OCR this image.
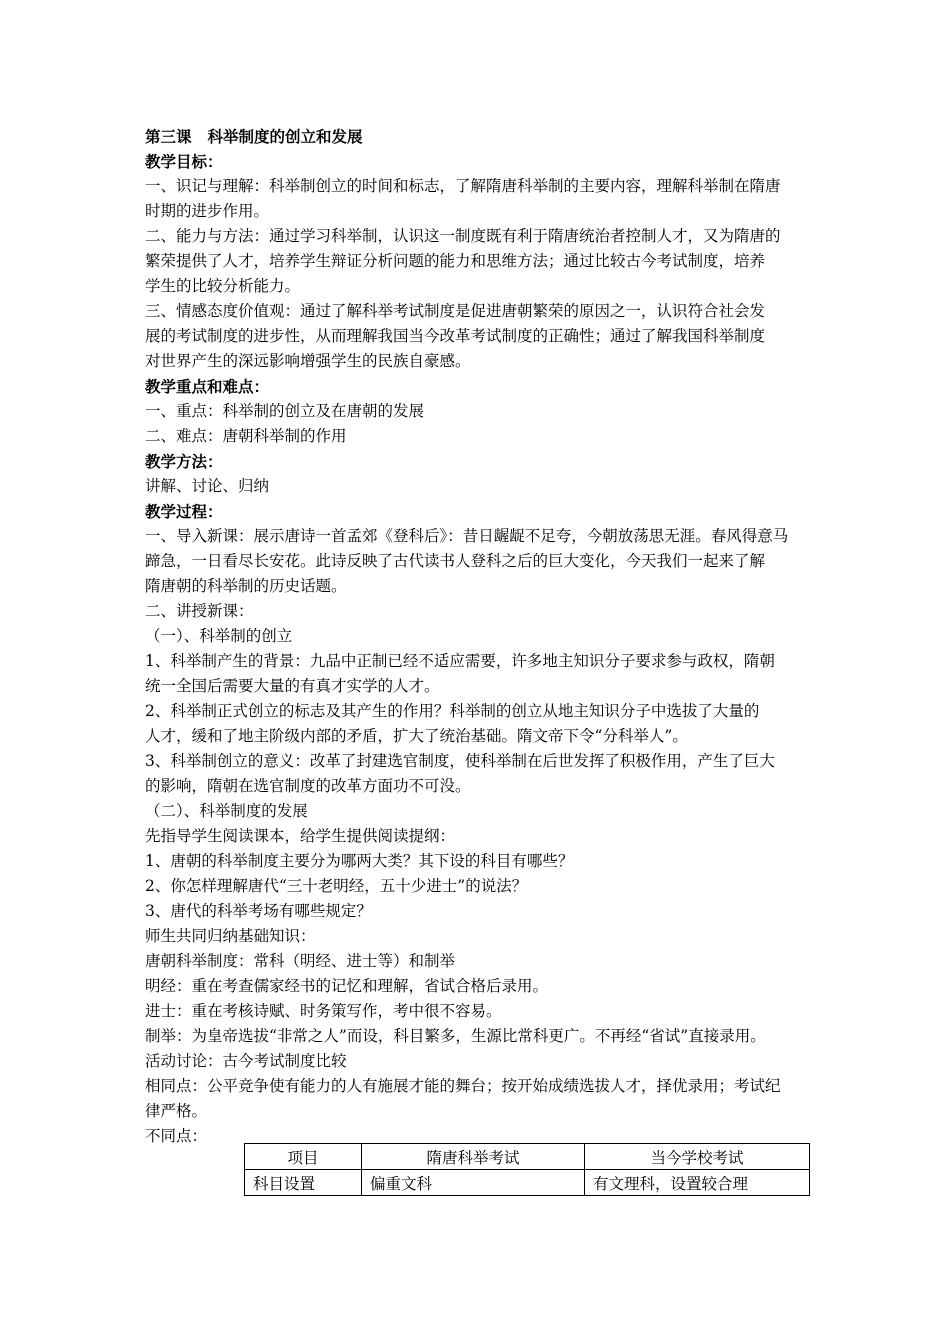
第三课 科举制度的创立和发展

教学目标：

一、识记与理解：科举制创立的时间和标志，了解隋唐科举制的主要内容，理解科举制在隋唐

时期的进步作用。

二、能力与方法：通过学习科举制，认识这一制度既有利于隋唐统治者控制人才，又为隋唐的

繁荣提供了人才，培养学生辩证分析问题的能力和思维方法；通过比较古今考试制度，培养

学生的比较分析能力。

三、情感态度价值观：通过了解科举考试制度是促进唐朝繁荣的原因之一，认识符合社会发

展的考试制度的进步性，从而理解我国当今改革考试制度的正确性；通过了解我国科举制度

对世界产生的深远影响增强学生的民族自豪感。

教学重点和难点：

一、重点：科举制的创立及在唐朝的发展

二、难点：唐朝科举制的作用

教学方法：

讲解、讨论、归纳

教学过程：

一、导入新课：展示唐诗一首孟郊《登科后》：昔日龌龊不足夸，今朝放荡思无涯。春风得意马

蹄急，一日看尽长安花。此诗反映了古代读书人登科之后的巨大变化，今天我们一起来了解

隋唐朝的科举制的历史话题。

二、讲授新课：

（一）、科举制的创立

1、科举制产生的背景：九品中正制已经不适应需要，许多地主知识分子要求参与政权，隋朝

统一全国后需要大量的有真才实学的人才。

2、科举制正式创立的标志及其产生的作用？科举制的创立从地主知识分子中选拔了大量的

人才，缓和了地主阶级内部的矛盾，扩大了统治基础。隋文帝下令“分科举人”。

3、科举制创立的意义：改革了封建选官制度，使科举制在后世发挥了积极作用，产生了巨大

的影响，隋朝在选官制度的改革方面功不可没。

（二）、科举制度的发展

先指导学生阅读课本，给学生提供阅读提纲：

1、唐朝的科举制度主要分为哪两大类？其下设的科目有哪些？

2、你怎样理解唐代“三十老明经，五十少进士”的说法？

3、唐代的科举考场有哪些规定？

师生共同归纳基础知识：

唐朝科举制度：常科（明经、进士等）和制举

明经：重在考查儒家经书的记忆和理解，省试合格后录用。

进士：重在考核诗赋、时务策写作，考中很不容易。

制举：为皇帝选拔“非常之人”而设，科目繁多，生源比常科更广。不再经“省试”直接录用。

活动讨论：古今考试制度比较

相同点：公平竞争使有能力的人有施展才能的舞台；按开始成绩选拔人才，择优录用；考试纪

律严格。

不同点：

项目	隋唐科举考试	当今学校考试
科目设置	偏重文科	有文理科，设置较合理
